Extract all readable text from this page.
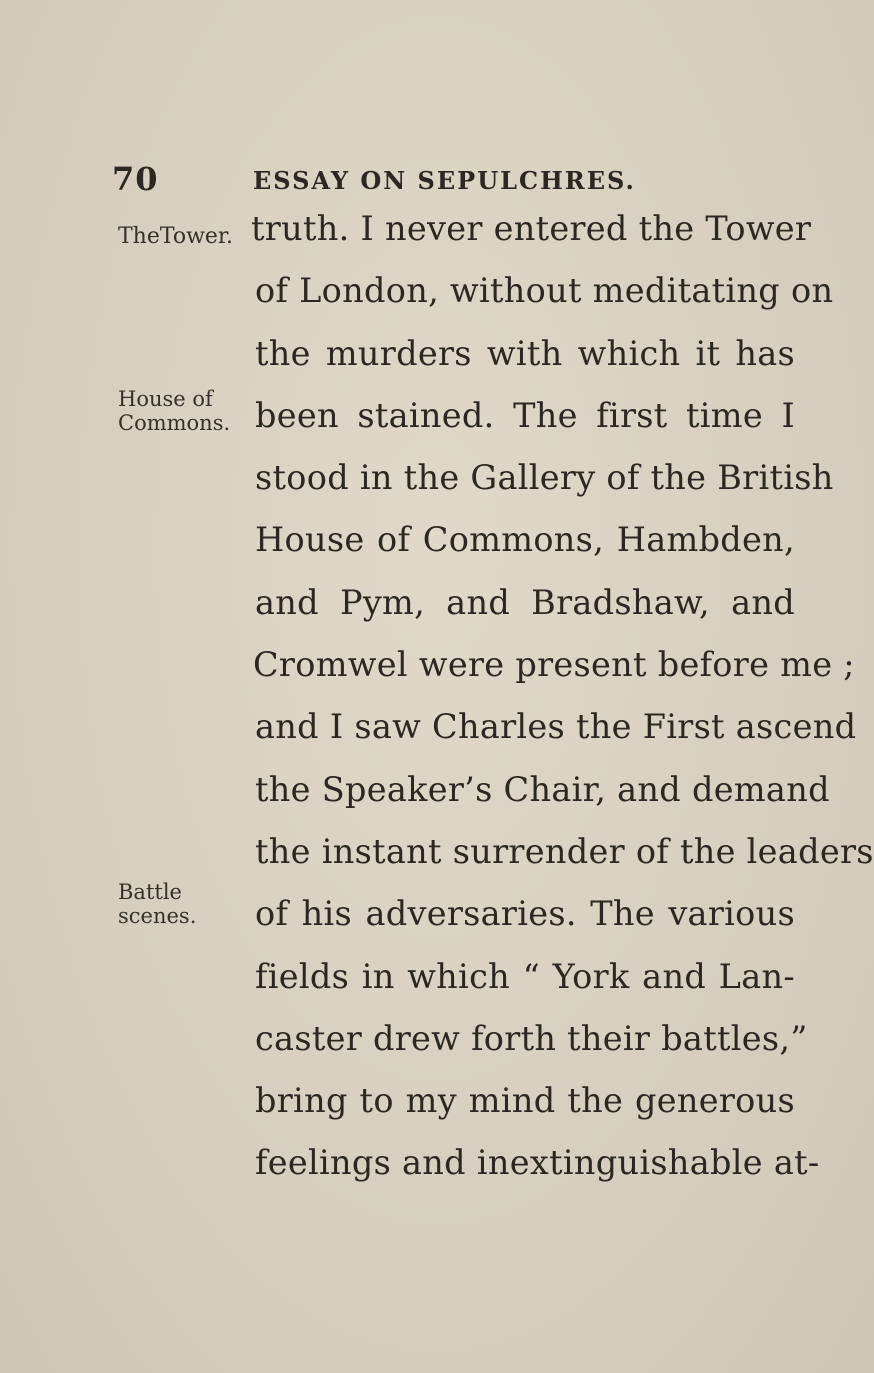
70	ESSAY ON SEPULCHRES.
TheTower.
House of
Commons.
Battle
scenes.
truth. I never entered the Tower
of London, without meditating on
the murders with which it has
been stained. The first time I
stood in the Gallery of the British
House of Commons, Hambden,
and Pym, and Bradshaw, and
Cromwel were present before me ;
and I saw Charles the First ascend
the Speaker’s Chair, and demand
the instant surrender of the leaders
of his adversaries. The various
fields in which “ York and Lan-
caster drew forth their battles,”
bring to my mind the generous
feelings and inextinguishable at-
